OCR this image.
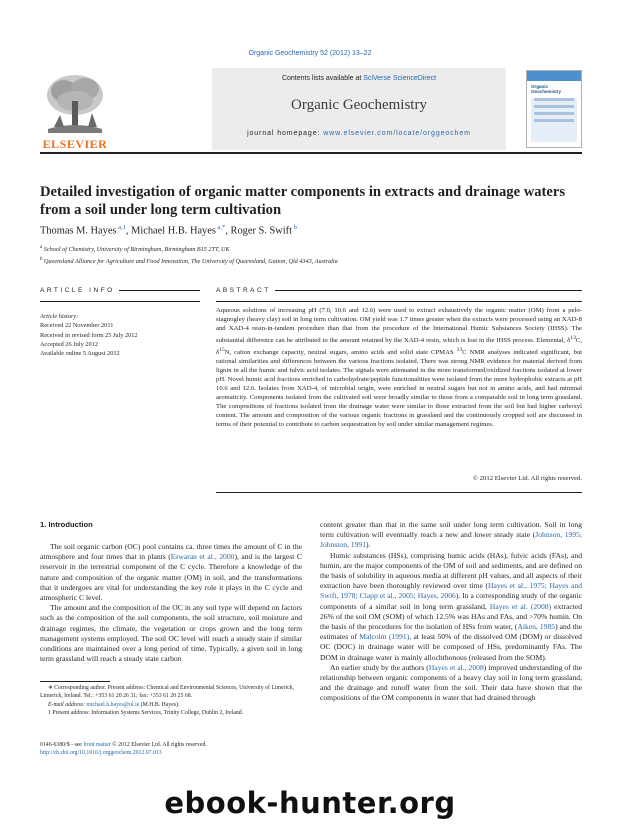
Organic Geochemistry 52 (2012) 13–22
ELSEVIER
Contents lists available at SciVerse ScienceDirect
Organic Geochemistry
journal homepage: www.elsevier.com/locate/orggeochem
Organic Geochemistry
Detailed investigation of organic matter components in extracts and drainage waters from a soil under long term cultivation
Thomas M. Hayes $^{a,1}$, Michael H.B. Hayes $^{a,*}$, Roger S. Swift $^b$
$^a$ School of Chemistry, University of Birmingham, Birmingham B15 2TT, UK
$^b$ Queensland Alliance for Agriculture and Food Innovation, The University of Queensland, Gatton, Qld 4343, Australia
ARTICLE INFO	ABSTRACT
Article history:
Received 22 November 2011
Received in revised form 25 July 2012
Accepted 26 July 2012
Available online 5 August 2012
Aqueous solutions of increasing pH (7.0, 10.6 and 12.6) were used to extract exhaustively the organic matter (OM) from a pelo-stagnogley (heavy clay) soil in long term cultivation. OM yield was 1.7 times greater when the extracts were processed using an XAD-8 and XAD-4 resin-in-tandem procedure than that from the procedure of the International Humic Substances Society (IHSS). The substantial difference can be attributed to the amount retained by the XAD-4 resin, which is lost in the IHSS process. Elemental, $\delta^{13}C$, $\delta^{15}N$, cation exchange capacity, neutral sugars, amino acids and solid state CPMAS $^{13}$C NMR analyses indicated significant, but rational similarities and differences between the various fractions isolated. There was strong NMR evidence for material derived from lignin in all the humic and fulvic acid isolates. The signals were attenuated in the more transformed/oxidized fractions isolated at lower pH. Novel humic acid fractions enriched in carbohydrate/peptide functionalities were isolated from the more hydrophobic extracts at pH 10.6 and 12.6. Isolates from XAD-4, of microbial origin, were enriched in neutral sugars but not in amino acids, and had minimal aromaticity. Components isolated from the cultivated soil were broadly similar to those from a comparable soil in long term grassland. The compositions of fractions isolated from the drainage water were similar to those extracted from the soil but had higher carboxyl content. The amount and composition of the various organic fractions in grassland and the continuously cropped soil are discussed in terms of their potential to contribute to carbon sequestration by soil under similar management regimes.
© 2012 Elsevier Ltd. All rights reserved.
1. Introduction

The soil organic carbon (OC) pool contains ca. three times the amount of C in the atmosphere and four times that in plants (Eswaran et al., 2000), and is the largest C reservoir in the terrestrial component of the C cycle. Therefore a knowledge of the nature and composition of the organic matter (OM) in soil, and the transformations that it undergoes are vital for understanding the key role it plays in the C cycle and atmospheric C level.

The amount and the composition of the OC in any soil type will depend on factors such as the composition of the soil components, the soil structure, soil moisture and drainage regimes, the climate, the vegetation or crops grown and the long term management systems employed. The soil OC level will reach a steady state if similar conditions are maintained over a long period of time. Typically, a given soil in long term grassland will reach a steady state carbon

content greater than that in the same soil under long term cultivation. Soil in long term cultivation will eventually reach a new and lower steady state (Johnson, 1995; Johnston, 1991).

Humic substances (HSs), comprising humic acids (HAs), fulvic acids (FAs), and humin, are the major components of the OM of soil and sediments, and are defined on the basis of solubility in aqueous media at different pH values, and all aspects of their extraction have been thoroughly reviewed over time (Hayes et al., 1975; Hayes and Swift, 1978; Clapp et al., 2005; Hayes, 2006). In a corresponding study of the organic components of a similar soil in long term grassland, Hayes et al. (2008) extracted 26% of the soil OM (SOM) of which 12.5% was HAs and FAs, and >70% humin. On the basis of the procedures for the isolation of HSs from water, (Aiken, 1985) and the estimates of Malcolm (1991), at least 50% of the dissolved OM (DOM) or dissolved OC (DOC) in drainage water will be composed of HSs, predominantly FAs. The DOM in drainage water is mainly allochthonous (released from the SOM).

An earlier study by the authors (Hayes et al., 2008) improved understanding of the relationship between organic components of a heavy clay soil in long term grassland, and the drainage and runoff water from the soil. Their data have shown that the compositions of the OM components in water that had drained through

∗ Corresponding author. Present address: Chemical and Environmental Sciences, University of Limerick, Limerick, Ireland. Tel.: +353 61 20 26 31; fax: +353 61 20 25 68.
E-mail address: michael.h.hayes@ul.ie (M.H.B. Hayes).
1 Present address: Information Systems Services, Trinity College, Dublin 2, Ireland.
0146-6380/$ - see front matter © 2012 Elsevier Ltd. All rights reserved.
http://dx.doi.org/10.1016/j.orggeochem.2012.07.013
ebook-hunter.org
